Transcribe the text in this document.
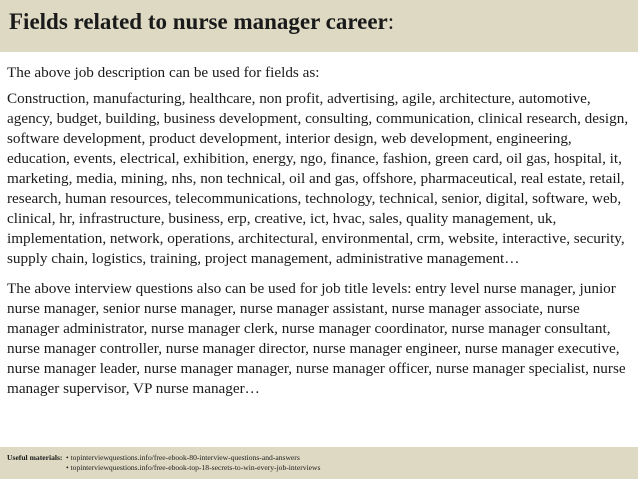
Fields related to nurse manager career:

The above job description can be used for fields as:

Construction, manufacturing, healthcare, non profit, advertising, agile, architecture, automotive, agency, budget, building, business development, consulting, communication, clinical research, design, software development, product development, interior design, web development, engineering, education, events, electrical, exhibition, energy, ngo, finance, fashion, green card, oil gas, hospital, it, marketing, media, mining, nhs, non technical, oil and gas, offshore, pharmaceutical, real estate, retail, research, human resources, telecommunications, technology, technical, senior, digital, software, web, clinical, hr, infrastructure, business, erp, creative, ict, hvac, sales, quality management, uk, implementation, network, operations, architectural, environmental, crm, website, interactive, security, supply chain, logistics, training, project management, administrative management…

The above interview questions also can be used for job title levels: entry level nurse manager, junior nurse manager, senior nurse manager, nurse manager assistant, nurse manager associate, nurse manager administrator, nurse manager clerk, nurse manager coordinator, nurse manager consultant, nurse manager controller, nurse manager director, nurse manager engineer, nurse manager executive, nurse manager leader, nurse manager manager, nurse manager officer, nurse manager specialist, nurse manager supervisor, VP nurse manager…

Useful materials: • topinterviewquestions.info/free-ebook-80-interview-questions-and-answers
• topinterviewquestions.info/free-ebook-top-18-secrets-to-win-every-job-interviews
